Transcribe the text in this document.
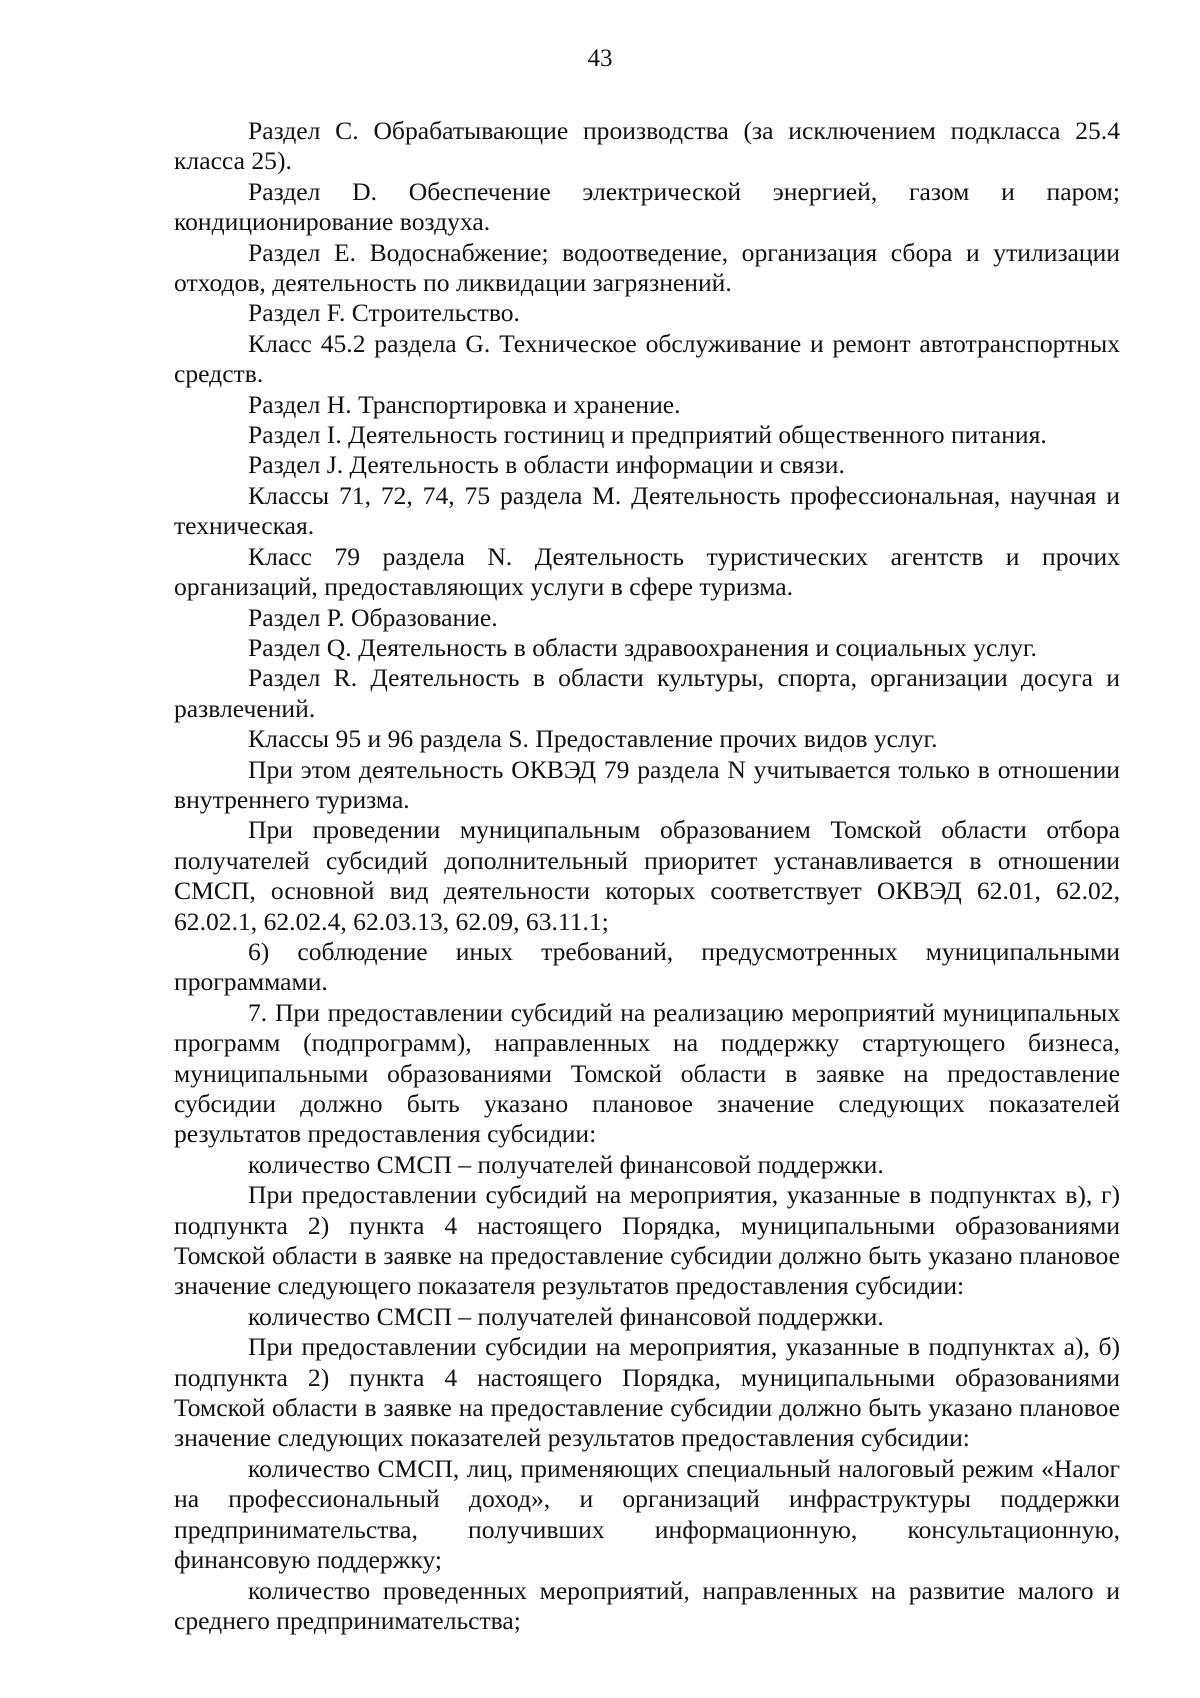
43

Раздел C. Обрабатывающие производства (за исключением подкласса 25.4 класса 25).

Раздел D. Обеспечение электрической энергией, газом и паром; кондиционирование воздуха.

Раздел E. Водоснабжение; водоотведение, организация сбора и утилизации отходов, деятельность по ликвидации загрязнений.

Раздел F. Строительство.

Класс 45.2 раздела G. Техническое обслуживание и ремонт автотранспортных средств.

Раздел H. Транспортировка и хранение.

Раздел I. Деятельность гостиниц и предприятий общественного питания.

Раздел J. Деятельность в области информации и связи.

Классы 71, 72, 74, 75 раздела M. Деятельность профессиональная, научная и техническая.

Класс 79 раздела N. Деятельность туристических агентств и прочих организаций, предоставляющих услуги в сфере туризма.

Раздел P. Образование.

Раздел Q. Деятельность в области здравоохранения и социальных услуг.

Раздел R. Деятельность в области культуры, спорта, организации досуга и развлечений.

Классы 95 и 96 раздела S. Предоставление прочих видов услуг.

При этом деятельность ОКВЭД 79 раздела N учитывается только в отношении внутреннего туризма.

При проведении муниципальным образованием Томской области отбора получателей субсидий дополнительный приоритет устанавливается в отношении СМСП, основной вид деятельности которых соответствует ОКВЭД 62.01, 62.02, 62.02.1, 62.02.4, 62.03.13, 62.09, 63.11.1;

6) соблюдение иных требований, предусмотренных муниципальными программами.

7. При предоставлении субсидий на реализацию мероприятий муниципальных программ (подпрограмм), направленных на поддержку стартующего бизнеса, муниципальными образованиями Томской области в заявке на предоставление субсидии должно быть указано плановое значение следующих показателей результатов предоставления субсидии:

количество СМСП – получателей финансовой поддержки.

При предоставлении субсидий на мероприятия, указанные в подпунктах в), г) подпункта 2) пункта 4 настоящего Порядка, муниципальными образованиями Томской области в заявке на предоставление субсидии должно быть указано плановое значение следующего показателя результатов предоставления субсидии:

количество СМСП – получателей финансовой поддержки.

При предоставлении субсидии на мероприятия, указанные в подпунктах а), б) подпункта 2) пункта 4 настоящего Порядка, муниципальными образованиями Томской области в заявке на предоставление субсидии должно быть указано плановое значение следующих показателей результатов предоставления субсидии:

количество СМСП, лиц, применяющих специальный налоговый режим «Налог на профессиональный доход», и организаций инфраструктуры поддержки предпринимательства, получивших информационную, консультационную, финансовую поддержку;

количество проведенных мероприятий, направленных на развитие малого и среднего предпринимательства;
